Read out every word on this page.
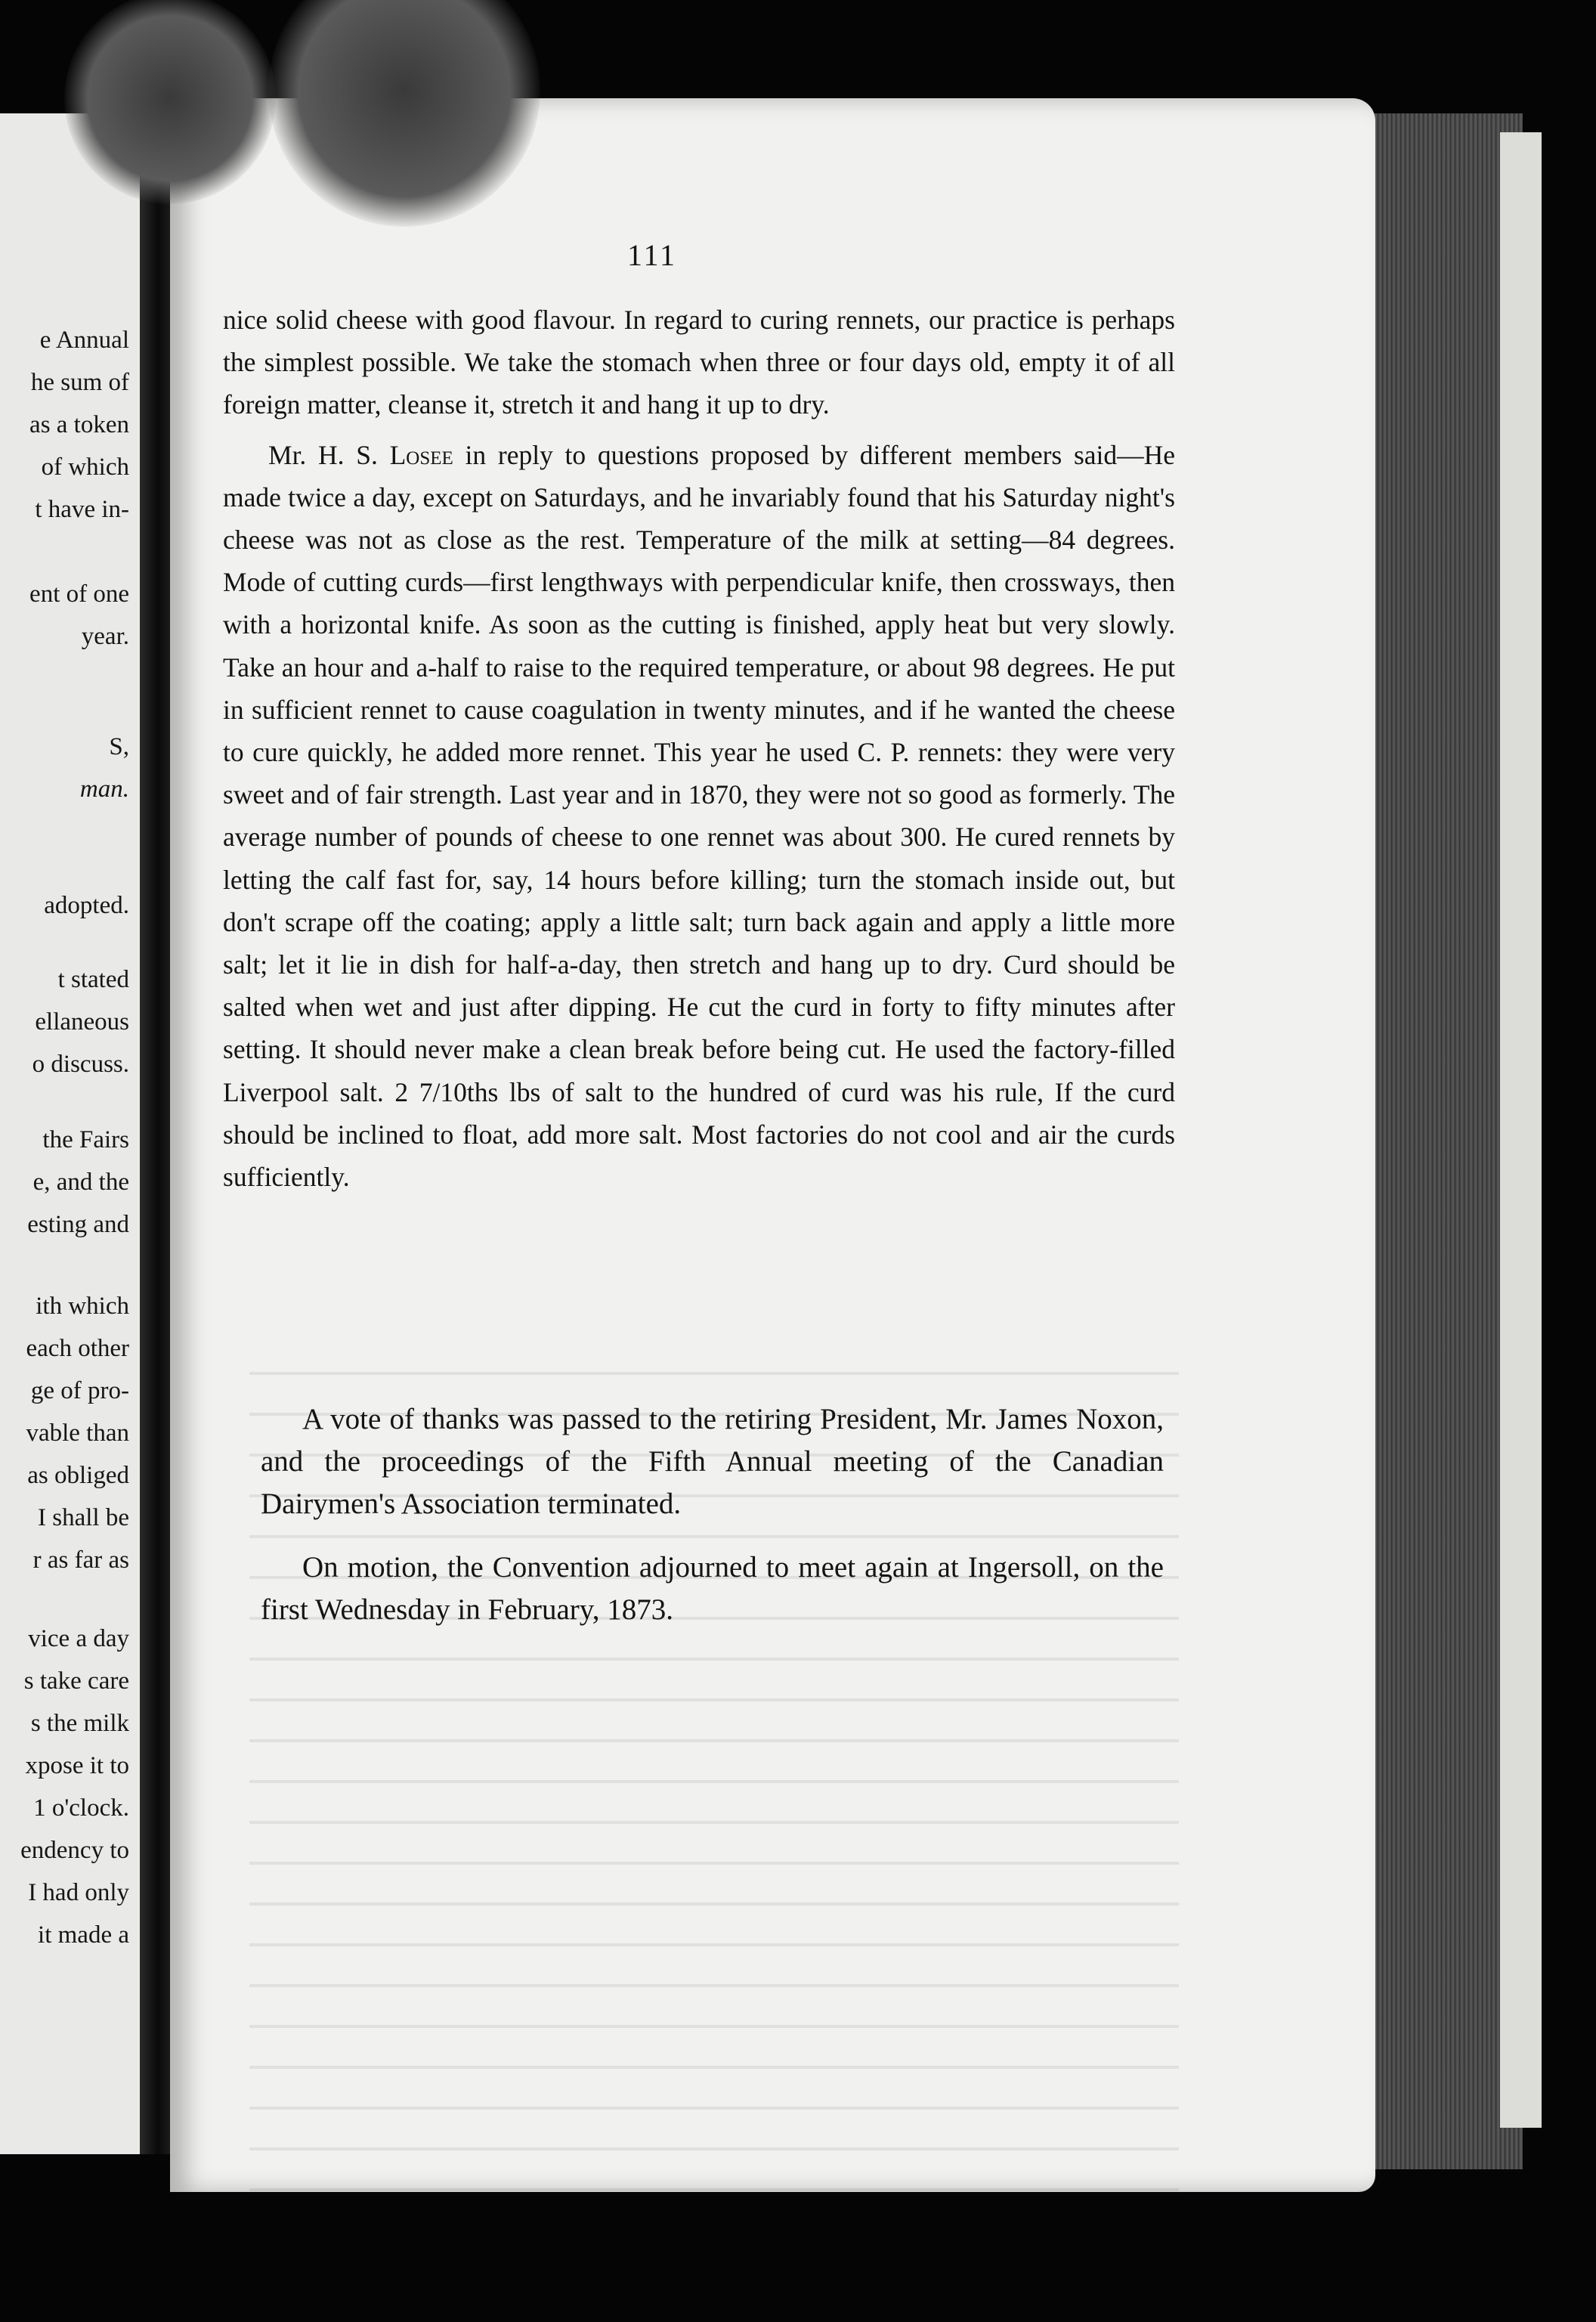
e Annual
he sum of
as a token
of which
t have in-
ent of one
year.
S,
man.
adopted.
t stated
ellaneous
o discuss.
the Fairs
e, and the
esting and
ith which
each other
ge of pro-
vable than
as obliged
I shall be
r as far as
vice a day
s take care
s the milk
xpose it to
1 o'clock.
endency to
I had only
it made a
111

nice solid cheese with good flavour. In regard to curing rennets, our practice is perhaps the simplest possible. We take the stomach when three or four days old, empty it of all foreign matter, cleanse it, stretch it and hang it up to dry.

Mr. H. S. Losee in reply to questions proposed by different members said—He made twice a day, except on Saturdays, and he invariably found that his Saturday night's cheese was not as close as the rest. Temperature of the milk at setting—84 degrees. Mode of cutting curds—first lengthways with perpendicular knife, then crossways, then with a horizontal knife. As soon as the cutting is finished, apply heat but very slowly. Take an hour and a-half to raise to the required temperature, or about 98 degrees. He put in sufficient rennet to cause coagulation in twenty minutes, and if he wanted the cheese to cure quickly, he added more rennet. This year he used C. P. rennets: they were very sweet and of fair strength. Last year and in 1870, they were not so good as formerly. The average number of pounds of cheese to one rennet was about 300. He cured rennets by letting the calf fast for, say, 14 hours before killing; turn the stomach inside out, but don't scrape off the coating; apply a little salt; turn back again and apply a little more salt; let it lie in dish for half-a-day, then stretch and hang up to dry. Curd should be salted when wet and just after dipping. He cut the curd in forty to fifty minutes after setting. It should never make a clean break before being cut. He used the factory-filled Liverpool salt. 2 7/10ths lbs of salt to the hundred of curd was his rule, If the curd should be inclined to float, add more salt. Most factories do not cool and air the curds sufficiently.

A vote of thanks was passed to the retiring President, Mr. James Noxon, and the proceedings of the Fifth Annual meeting of the Canadian Dairymen's Association terminated.

On motion, the Convention adjourned to meet again at Ingersoll, on the first Wednesday in February, 1873.
